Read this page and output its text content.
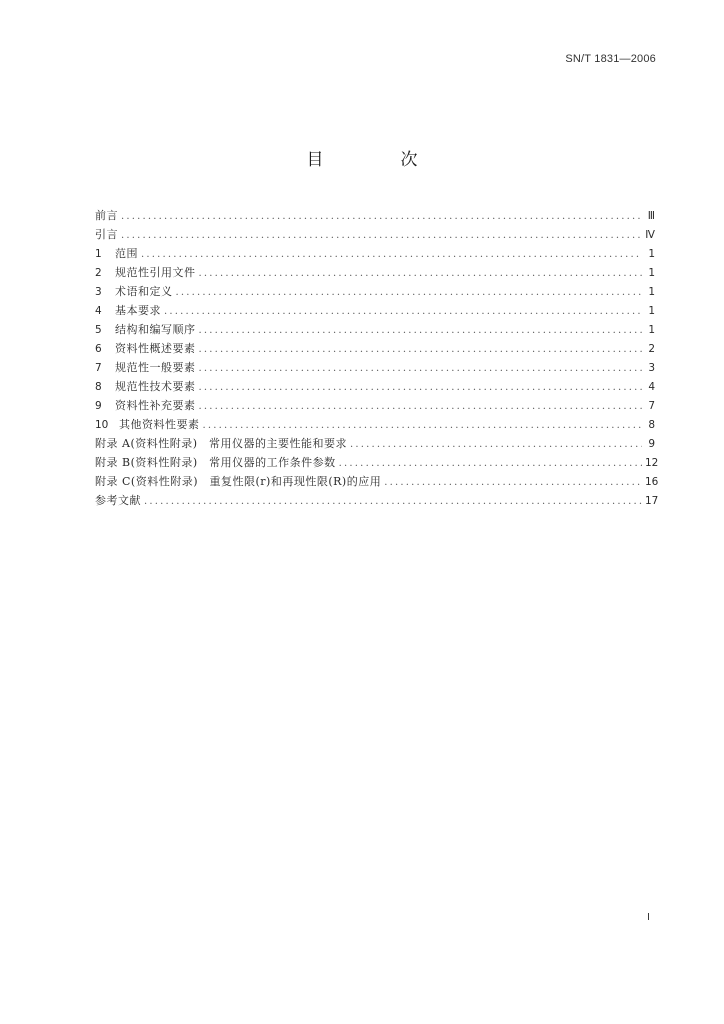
SN/T 1831—2006
目　次
前言 .....	Ⅲ
引言 .....	Ⅳ
1	范围 .....	1
2	规范性引用文件 .....	1
3	术语和定义 .....	1
4	基本要求 .....	1
5	结构和编写顺序 .....	1
6	资料性概述要素 .....	2
7	规范性一般要素 .....	3
8	规范性技术要素 .....	4
9	资料性补充要素 .....	7
10 其他资料性要素 .....	8
附录 A(资料性附录)　常用仪器的主要性能和要求 .....	9
附录 B(资料性附录)　常用仪器的工作条件参数 .....	12
附录 C(资料性附录)　重复性限(r)和再现性限(R)的应用 .....	16
参考文献 .....	17
Ⅰ
